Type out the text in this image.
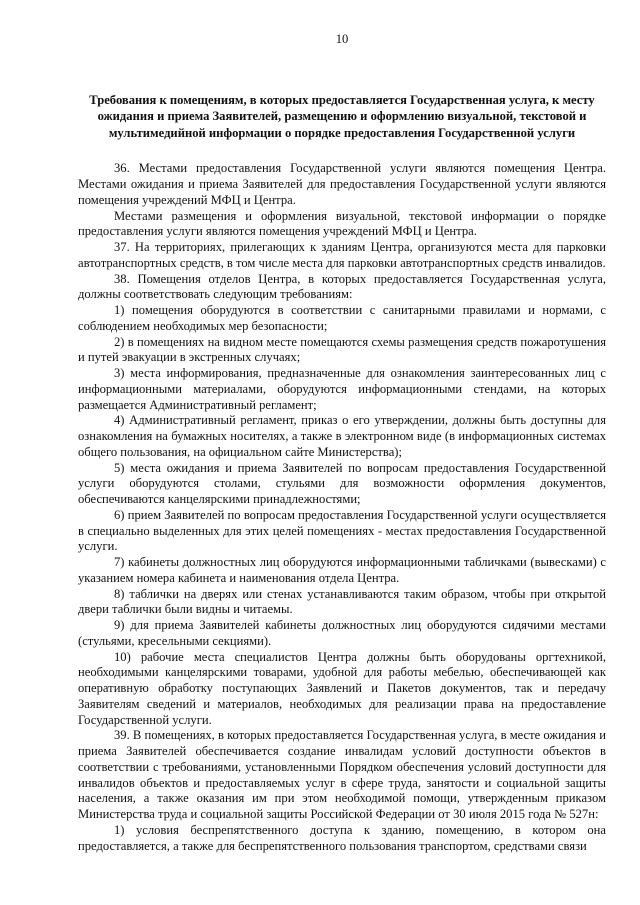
10
Требования к помещениям, в которых предоставляется Государственная услуга, к месту ожидания и приема Заявителей, размещению и оформлению визуальной, текстовой и мультимедийной информации о порядке предоставления Государственной услуги

36. Местами предоставления Государственной услуги являются помещения Центра. Местами ожидания и приема Заявителей для предоставления Государственной услуги являются помещения учреждений МФЦ и Центра.

Местами размещения и оформления визуальной, текстовой информации о порядке предоставления услуги являются помещения учреждений МФЦ и Центра.

37. На территориях, прилегающих к зданиям Центра, организуются места для парковки автотранспортных средств, в том числе места для парковки автотранспортных средств инвалидов.

38. Помещения отделов Центра, в которых предоставляется Государственная услуга, должны соответствовать следующим требованиям:

1) помещения оборудуются в соответствии с санитарными правилами и нормами, с соблюдением необходимых мер безопасности;

2) в помещениях на видном месте помещаются схемы размещения средств пожаротушения и путей эвакуации в экстренных случаях;

3) места информирования, предназначенные для ознакомления заинтересованных лиц с информационными материалами, оборудуются информационными стендами, на которых размещается Административный регламент;

4) Административный регламент, приказ о его утверждении, должны быть доступны для ознакомления на бумажных носителях, а также в электронном виде (в информационных системах общего пользования, на официальном сайте Министерства);

5) места ожидания и приема Заявителей по вопросам предоставления Государственной услуги оборудуются столами, стульями для возможности оформления документов, обеспечиваются канцелярскими принадлежностями;

6) прием Заявителей по вопросам предоставления Государственной услуги осуществляется в специально выделенных для этих целей помещениях - местах предоставления Государственной услуги.

7) кабинеты должностных лиц оборудуются информационными табличками (вывесками) с указанием номера кабинета и наименования отдела Центра.

8) таблички на дверях или стенах устанавливаются таким образом, чтобы при открытой двери таблички были видны и читаемы.

9) для приема Заявителей кабинеты должностных лиц оборудуются сидячими местами (стульями, кресельными секциями).

10) рабочие места специалистов Центра должны быть оборудованы оргтехникой, необходимыми канцелярскими товарами, удобной для работы мебелью, обеспечивающей как оперативную обработку поступающих Заявлений и Пакетов документов, так и передачу Заявителям сведений и материалов, необходимых для реализации права на предоставление Государственной услуги.

39. В помещениях, в которых предоставляется Государственная услуга, в месте ожидания и приема Заявителей обеспечивается создание инвалидам условий доступности объектов в соответствии с требованиями, установленными Порядком обеспечения условий доступности для инвалидов объектов и предоставляемых услуг в сфере труда, занятости и социальной защиты населения, а также оказания им при этом необходимой помощи, утвержденным приказом Министерства труда и социальной защиты Российской Федерации от 30 июля 2015 года № 527н:

1) условия беспрепятственного доступа к зданию, помещению, в котором она предоставляется, а также для беспрепятственного пользования транспортом, средствами связи
